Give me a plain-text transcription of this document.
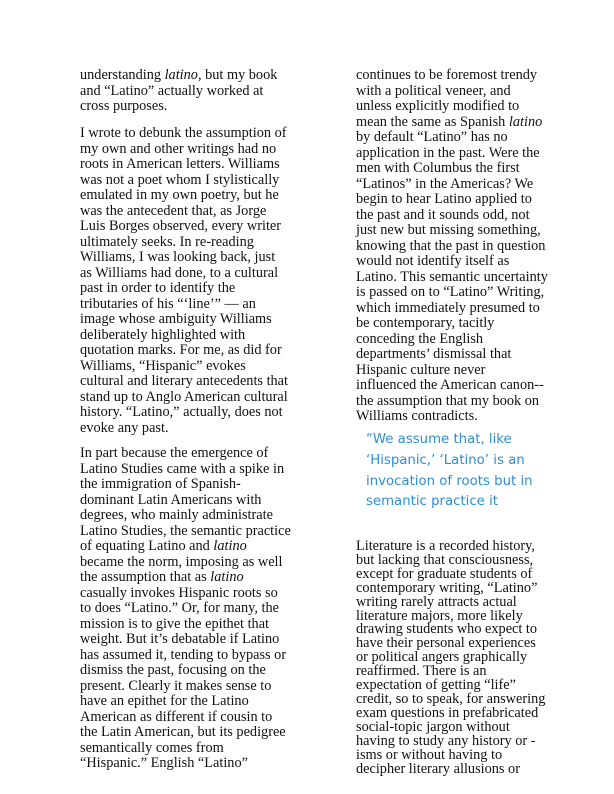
understanding latino, but my book
and “Latino” actually worked at
cross purposes.

I wrote to debunk the assumption of
my own and other writings had no
roots in American letters. Williams
was not a poet whom I stylistically
emulated in my own poetry, but he
was the antecedent that, as Jorge
Luis Borges observed, every writer
ultimately seeks. In re-reading
Williams, I was looking back, just
as Williams had done, to a cultural
past in order to identify the
tributaries of his “‘line’” — an
image whose ambiguity Williams
deliberately highlighted with
quotation marks. For me, as did for
Williams, “Hispanic” evokes
cultural and literary antecedents that
stand up to Anglo American cultural
history. “Latino,” actually, does not
evoke any past.

In part because the emergence of
Latino Studies came with a spike in
the immigration of Spanish-
dominant Latin Americans with
degrees, who mainly administrate
Latino Studies, the semantic practice
of equating Latino and latino
became the norm, imposing as well
the assumption that as latino
casually invokes Hispanic roots so
to does “Latino.” Or, for many, the
mission is to give the epithet that
weight. But it’s debatable if Latino
has assumed it, tending to bypass or
dismiss the past, focusing on the
present. Clearly it makes sense to
have an epithet for the Latino
American as different if cousin to
the Latin American, but its pedigree
semantically comes from
“Hispanic.” English “Latino”

continues to be foremost trendy
with a political veneer, and
unless explicitly modified to
mean the same as Spanish latino
by default “Latino” has no
application in the past. Were the
men with Columbus the first
“Latinos” in the Americas? We
begin to hear Latino applied to
the past and it sounds odd, not
just new but missing something,
knowing that the past in question
would not identify itself as
Latino. This semantic uncertainty
is passed on to “Latino” Writing,
which immediately presumed to
be contemporary, tacitly
conceding the English
departments’ dismissal that
Hispanic culture never
influenced the American canon--
the assumption that my book on
Williams contradicts.

“We assume that, like
‘Hispanic,’ ‘Latino’ is an
invocation of roots but in
semantic practice it

Literature is a recorded history,
but lacking that consciousness,
except for graduate students of
contemporary writing, “Latino”
writing rarely attracts actual
literature majors, more likely
drawing students who expect to
have their personal experiences
or political angers graphically
reaffirmed. There is an
expectation of getting “life”
credit, so to speak, for answering
exam questions in prefabricated
social-topic jargon without
having to study any history or -
isms or without having to
decipher literary allusions or
